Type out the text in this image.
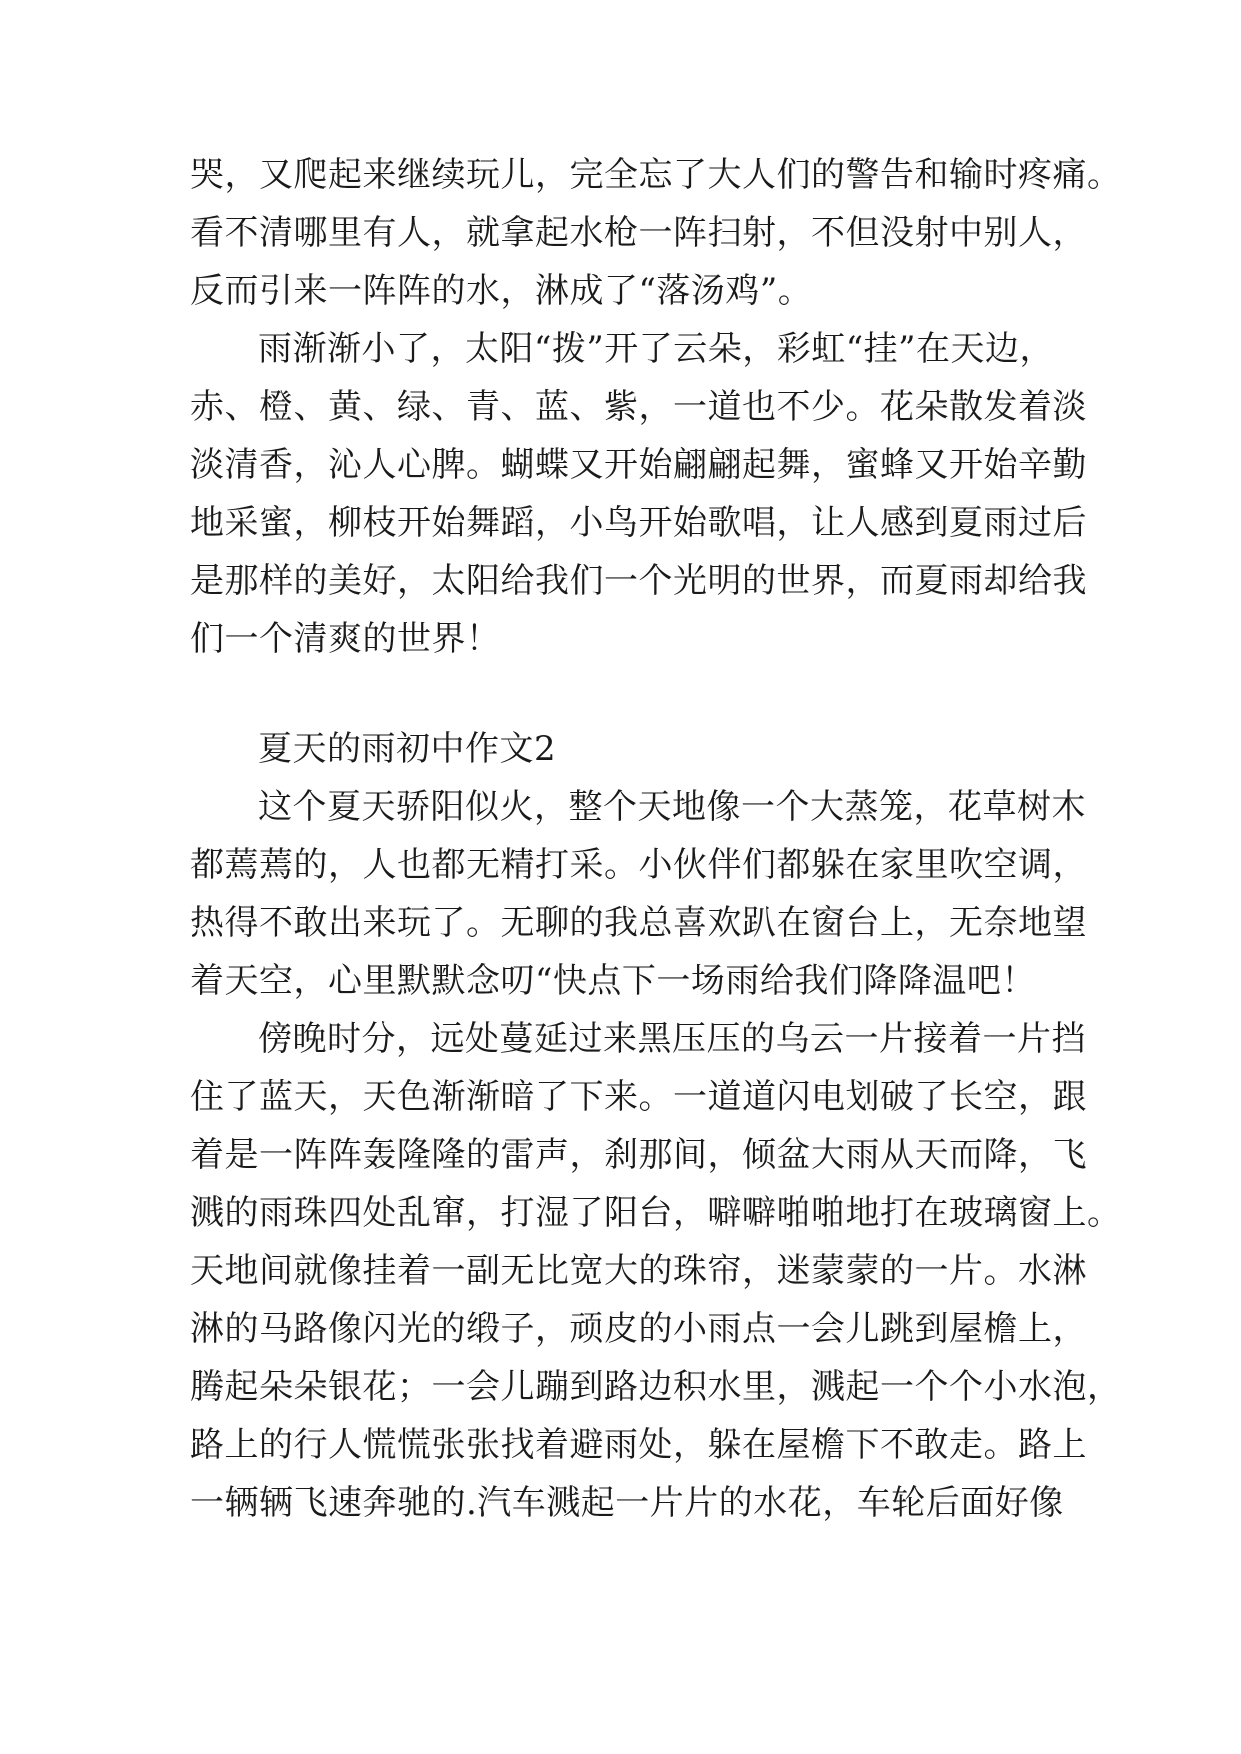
哭，又爬起来继续玩儿，完全忘了大人们的警告和输时疼痛。
看不清哪里有人，就拿起水枪一阵扫射，不但没射中别人，
反而引来一阵阵的水，淋成了“落汤鸡”。
雨渐渐小了，太阳“拨”开了云朵，彩虹“挂”在天边，
赤、橙、黄、绿、青、蓝、紫，一道也不少。花朵散发着淡
淡清香，沁人心脾。蝴蝶又开始翩翩起舞，蜜蜂又开始辛勤
地采蜜，柳枝开始舞蹈，小鸟开始歌唱，让人感到夏雨过后
是那样的美好，太阳给我们一个光明的世界，而夏雨却给我
们一个清爽的世界！
夏天的雨初中作文2
这个夏天骄阳似火，整个天地像一个大蒸笼，花草树木
都蔫蔫的，人也都无精打采。小伙伴们都躲在家里吹空调，
热得不敢出来玩了。无聊的我总喜欢趴在窗台上，无奈地望
着天空，心里默默念叨“快点下一场雨给我们降降温吧！
傍晚时分，远处蔓延过来黑压压的乌云一片接着一片挡
住了蓝天，天色渐渐暗了下来。一道道闪电划破了长空，跟
着是一阵阵轰隆隆的雷声，刹那间，倾盆大雨从天而降，飞
溅的雨珠四处乱窜，打湿了阳台，噼噼啪啪地打在玻璃窗上。
天地间就像挂着一副无比宽大的珠帘，迷蒙蒙的一片。水淋
淋的马路像闪光的缎子，顽皮的小雨点一会儿跳到屋檐上，
腾起朵朵银花；一会儿蹦到路边积水里，溅起一个个小水泡，
路上的行人慌慌张张找着避雨处，躲在屋檐下不敢走。路上
一辆辆飞速奔驰的.汽车溅起一片片的水花，车轮后面好像
